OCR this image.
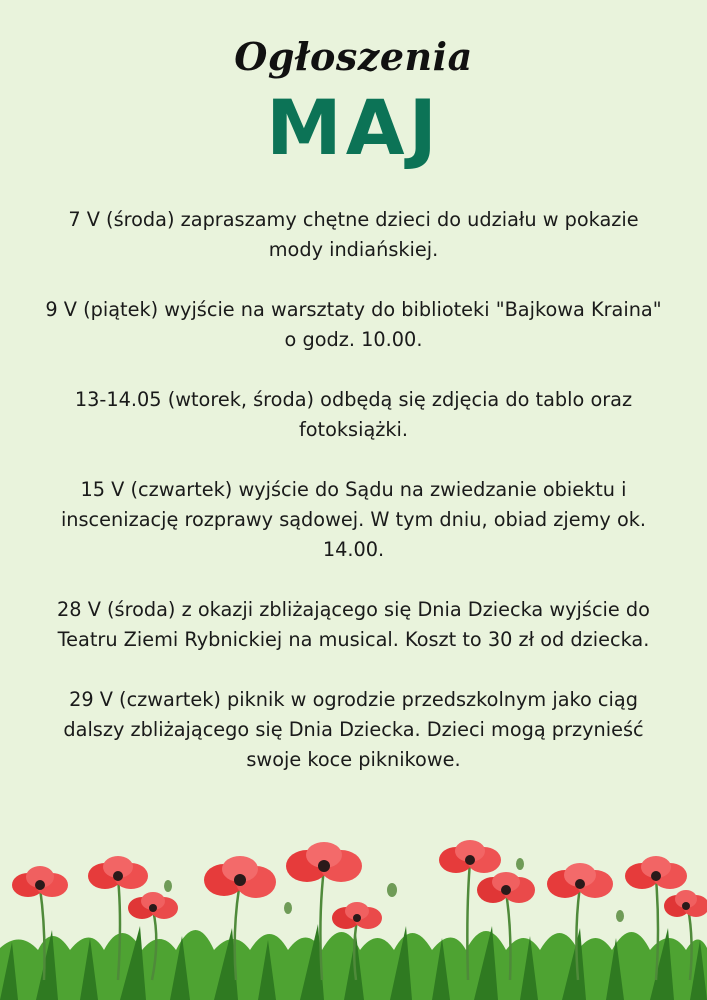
Ogłoszenia
MAJ

7 V (środa) zapraszamy chętne dzieci do udziału w pokazie mody indiańskiej.

9 V (piątek) wyjście na warsztaty do biblioteki "Bajkowa Kraina" o godz. 10.00.

13-14.05 (wtorek, środa) odbędą się zdjęcia do tablo oraz fotoksiążki.

15 V (czwartek) wyjście do Sądu na zwiedzanie obiektu i inscenizację rozprawy sądowej. W tym dniu, obiad zjemy ok. 14.00.

28 V (środa) z okazji zbliżającego się Dnia Dziecka wyjście do Teatru Ziemi Rybnickiej na musical. Koszt to 30 zł od dziecka.

29 V (czwartek) piknik w ogrodzie przedszkolnym jako ciąg dalszy zbliżającego się Dnia Dziecka. Dzieci mogą przynieść swoje koce piknikowe.
